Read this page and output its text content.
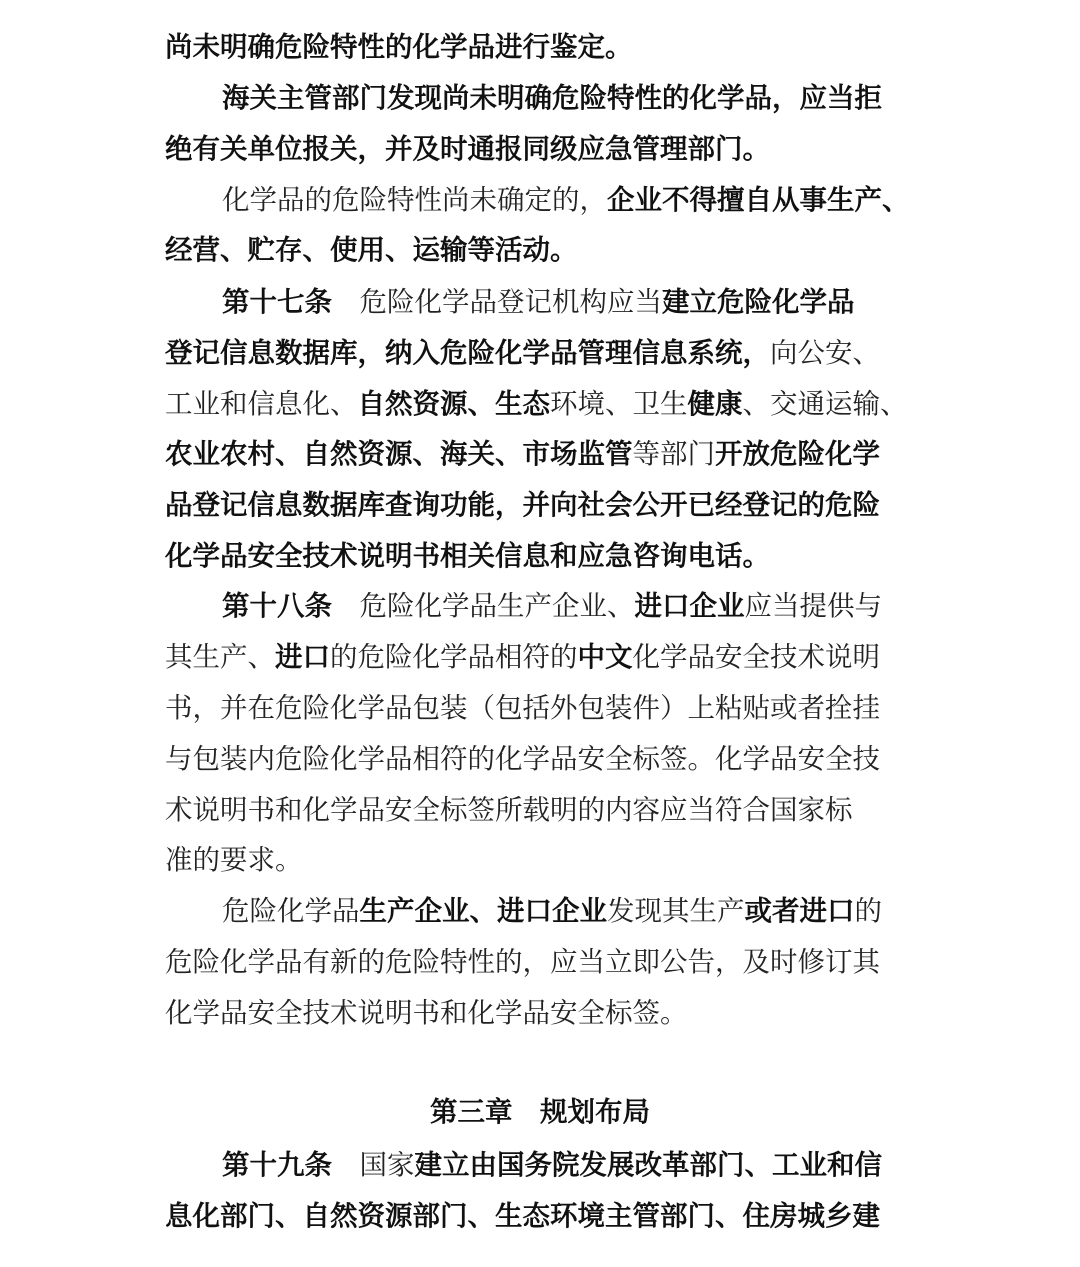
尚未明确危险特性的化学品进行鉴定。
海关主管部门发现尚未明确危险特性的化学品，应当拒
绝有关单位报关，并及时通报同级应急管理部门。
化学品的危险特性尚未确定的，企业不得擅自从事生产、
经营、贮存、使用、运输等活动。
第十七条　危险化学品登记机构应当建立危险化学品
登记信息数据库，纳入危险化学品管理信息系统，向公安、
工业和信息化、自然资源、生态环境、卫生健康、交通运输、
农业农村、自然资源、海关、市场监管等部门开放危险化学
品登记信息数据库查询功能，并向社会公开已经登记的危险
化学品安全技术说明书相关信息和应急咨询电话。
第十八条　危险化学品生产企业、进口企业应当提供与
其生产、进口的危险化学品相符的中文化学品安全技术说明
书，并在危险化学品包装（包括外包装件）上粘贴或者拴挂
与包装内危险化学品相符的化学品安全标签。化学品安全技
术说明书和化学品安全标签所载明的内容应当符合国家标
准的要求。
危险化学品生产企业、进口企业发现其生产或者进口的
危险化学品有新的危险特性的，应当立即公告，及时修订其
化学品安全技术说明书和化学品安全标签。
第三章　规划布局
第十九条　国家建立由国务院发展改革部门、工业和信
息化部门、自然资源部门、生态环境主管部门、住房城乡建
